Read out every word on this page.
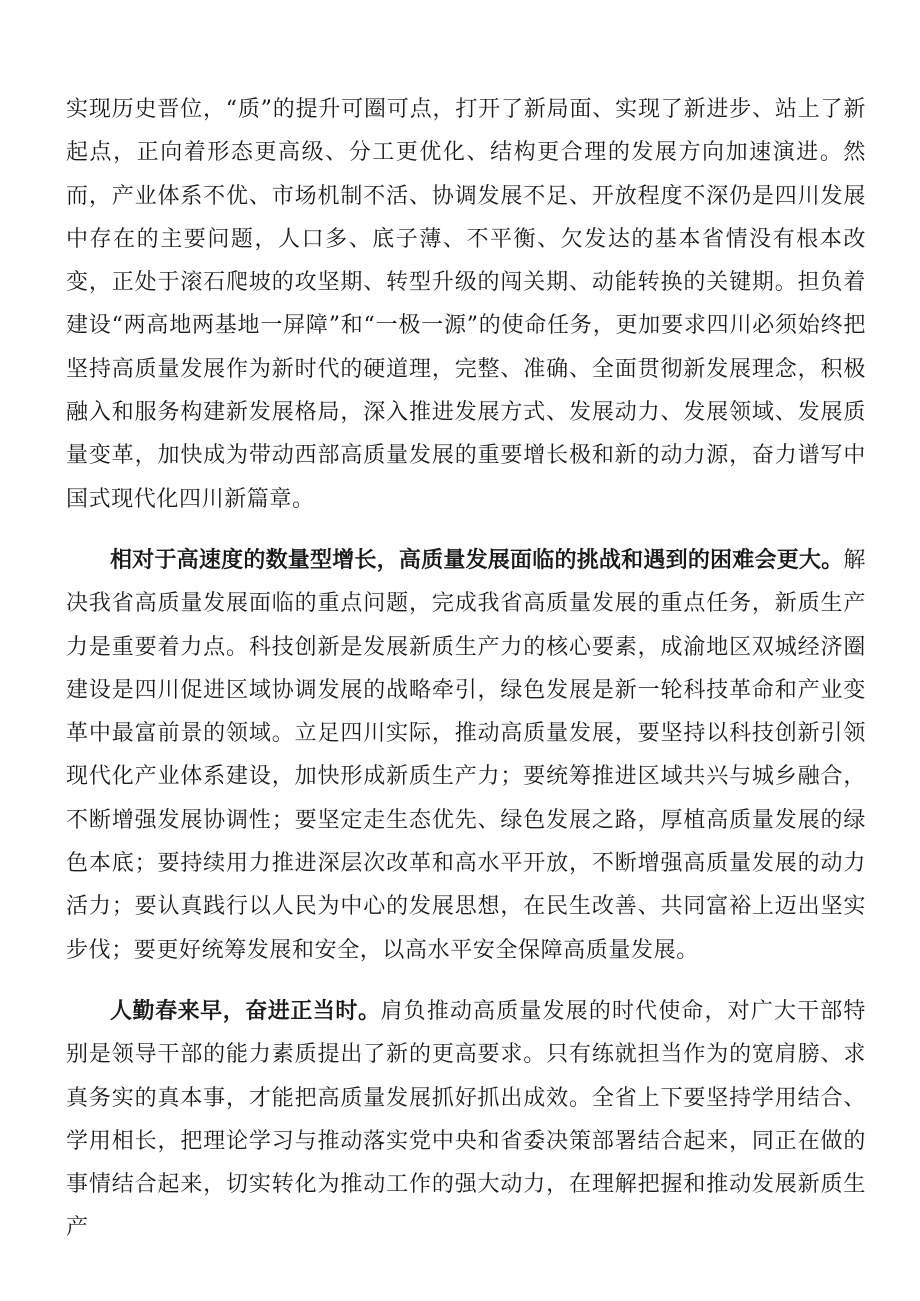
实现历史晋位，“质”的提升可圈可点，打开了新局面、实现了新进步、站上了新起点，正向着形态更高级、分工更优化、结构更合理的发展方向加速演进。然而，产业体系不优、市场机制不活、协调发展不足、开放程度不深仍是四川发展中存在的主要问题，人口多、底子薄、不平衡、欠发达的基本省情没有根本改变，正处于滚石爬坡的攻坚期、转型升级的闯关期、动能转换的关键期。担负着建设“两高地两基地一屏障”和“一极一源”的使命任务，更加要求四川必须始终把坚持高质量发展作为新时代的硬道理，完整、准确、全面贯彻新发展理念，积极融入和服务构建新发展格局，深入推进发展方式、发展动力、发展领域、发展质量变革，加快成为带动西部高质量发展的重要增长极和新的动力源，奋力谱写中国式现代化四川新篇章。

相对于高速度的数量型增长，高质量发展面临的挑战和遇到的困难会更大。解决我省高质量发展面临的重点问题，完成我省高质量发展的重点任务，新质生产力是重要着力点。科技创新是发展新质生产力的核心要素，成渝地区双城经济圈建设是四川促进区域协调发展的战略牵引，绿色发展是新一轮科技革命和产业变革中最富前景的领域。立足四川实际，推动高质量发展，要坚持以科技创新引领现代化产业体系建设，加快形成新质生产力；要统筹推进区域共兴与城乡融合，不断增强发展协调性；要坚定走生态优先、绿色发展之路，厚植高质量发展的绿色本底；要持续用力推进深层次改革和高水平开放，不断增强高质量发展的动力活力；要认真践行以人民为中心的发展思想，在民生改善、共同富裕上迈出坚实步伐；要更好统筹发展和安全，以高水平安全保障高质量发展。

人勤春来早，奋进正当时。肩负推动高质量发展的时代使命，对广大干部特别是领导干部的能力素质提出了新的更高要求。只有练就担当作为的宽肩膀、求真务实的真本事，才能把高质量发展抓好抓出成效。全省上下要坚持学用结合、学用相长，把理论学习与推动落实党中央和省委决策部署结合起来，同正在做的事情结合起来，切实转化为推动工作的强大动力，在理解把握和推动发展新质生产
